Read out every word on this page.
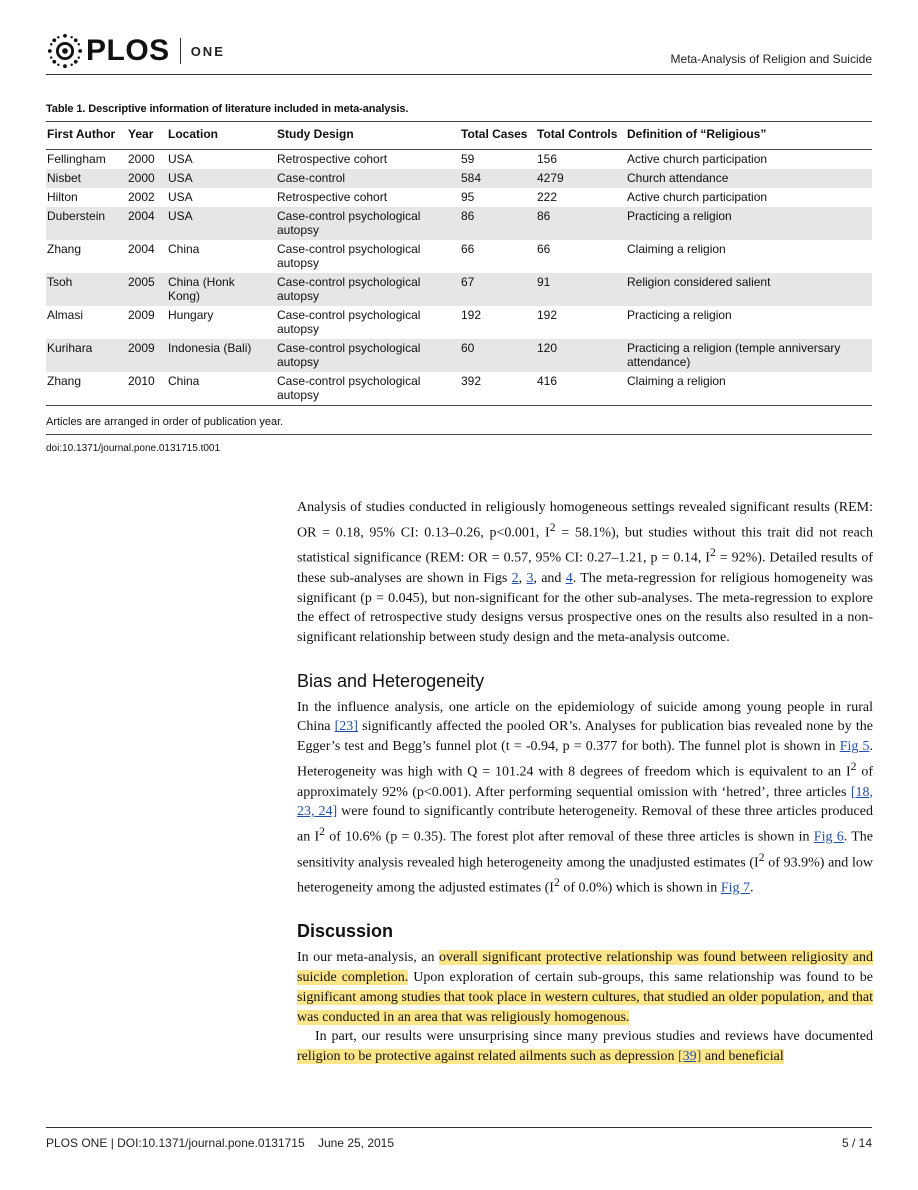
PLOS ONE
Meta-Analysis of Religion and Suicide
Table 1. Descriptive information of literature included in meta-analysis.
First Author	Year	Location	Study Design	Total Cases	Total Controls	Definition of “Religious”
Fellingham	2000	USA	Retrospective cohort	59	156	Active church participation
Nisbet	2000	USA	Case-control	584	4279	Church attendance
Hilton	2002	USA	Retrospective cohort	95	222	Active church participation
Duberstein	2004	USA	Case-control psychological autopsy	86	86	Practicing a religion
Zhang	2004	China	Case-control psychological autopsy	66	66	Claiming a religion
Tsoh	2005	China (Honk Kong)	Case-control psychological autopsy	67	91	Religion considered salient
Almasi	2009	Hungary	Case-control psychological autopsy	192	192	Practicing a religion
Kurihara	2009	Indonesia (Bali)	Case-control psychological autopsy	60	120	Practicing a religion (temple anniversary attendance)
Zhang	2010	China	Case-control psychological autopsy	392	416	Claiming a religion
Articles are arranged in order of publication year.
doi:10.1371/journal.pone.0131715.t001

Analysis of studies conducted in religiously homogeneous settings revealed significant results (REM: OR = 0.18, 95% CI: 0.13–0.26, p<0.001, $I^2 = 58.1\%$), but studies without this trait did not reach statistical significance (REM: OR = 0.57, 95% CI: 0.27–1.21, p = 0.14, $I^2 = 92\%$). Detailed results of these sub-analyses are shown in Figs 2, 3, and 4. The meta-regression for religious homogeneity was significant (p = 0.045), but non-significant for the other sub-analyses. The meta-regression to explore the effect of retrospective study designs versus prospective ones on the results also resulted in a non-significant relationship between study design and the meta-analysis outcome.

Bias and Heterogeneity

In the influence analysis, one article on the epidemiology of suicide among young people in rural China [23] significantly affected the pooled OR’s. Analyses for publication bias revealed none by the Egger’s test and Begg’s funnel plot (t = -0.94, p = 0.377 for both). The funnel plot is shown in Fig 5. Heterogeneity was high with Q = 101.24 with 8 degrees of freedom which is equivalent to an $I^2$ of approximately 92% (p<0.001). After performing sequential omission with ‘hetred’, three articles [18, 23, 24] were found to significantly contribute heterogeneity. Removal of these three articles produced an $I^2$ of 10.6% (p = 0.35). The forest plot after removal of these three articles is shown in Fig 6. The sensitivity analysis revealed high heterogeneity among the unadjusted estimates ($I^2$ of 93.9%) and low heterogeneity among the adjusted estimates ($I^2$ of 0.0%) which is shown in Fig 7.

Discussion

In our meta-analysis, an overall significant protective relationship was found between religiosity and suicide completion. Upon exploration of certain sub-groups, this same relationship was found to be significant among studies that took place in western cultures, that studied an older population, and that was conducted in an area that was religiously homogenous.

In part, our results were unsurprising since many previous studies and reviews have documented religion to be protective against related ailments such as depression [39] and beneficial

PLOS ONE | DOI:10.1371/journal.pone.0131715    June 25, 2015	5 / 14
